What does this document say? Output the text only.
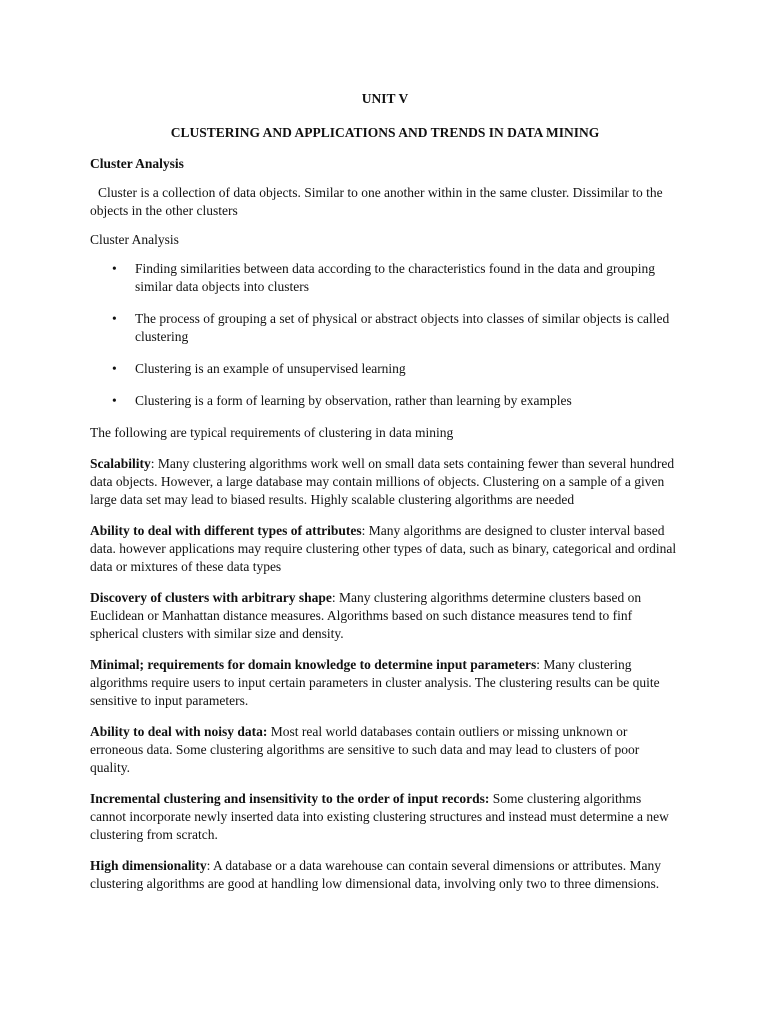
UNIT V
CLUSTERING AND APPLICATIONS AND TRENDS IN DATA MINING
Cluster Analysis
Cluster is a collection of data objects. Similar to one another within in the same cluster. Dissimilar to the objects in the other clusters
Cluster Analysis
• Finding similarities between data according to the characteristics found in the data and grouping similar data objects into clusters
• The process of grouping a set of physical or abstract objects into classes of similar objects is called clustering
• Clustering is an example of unsupervised learning
• Clustering is a form of learning by observation, rather than learning by examples
The following are typical requirements of clustering in data mining
Scalability: Many clustering algorithms work well on small data sets containing fewer than several hundred data objects. However, a large database may contain millions of objects. Clustering on a sample of a given large data set may lead to biased results. Highly scalable clustering algorithms are needed
Ability to deal with different types of attributes: Many algorithms are designed to cluster interval based data. however applications may require clustering other types of data, such as binary, categorical and ordinal data or mixtures of these data types
Discovery of clusters with arbitrary shape: Many clustering algorithms determine clusters based on Euclidean or Manhattan distance measures. Algorithms based on such distance measures tend to finf spherical clusters with similar size and density.
Minimal; requirements for domain knowledge to determine input parameters: Many clustering algorithms require users to input certain parameters in cluster analysis. The clustering results can be quite sensitive to input parameters.
Ability to deal with noisy data: Most real world databases contain outliers or missing unknown or erroneous data. Some clustering algorithms are sensitive to such data and may lead to clusters of poor quality.
Incremental clustering and insensitivity to the order of input records: Some clustering algorithms cannot incorporate newly inserted data into existing clustering structures and instead must determine a new clustering from scratch.
High dimensionality: A database or a data warehouse can contain several dimensions or attributes. Many clustering algorithms are good at handling low dimensional data, involving only two to three dimensions.
